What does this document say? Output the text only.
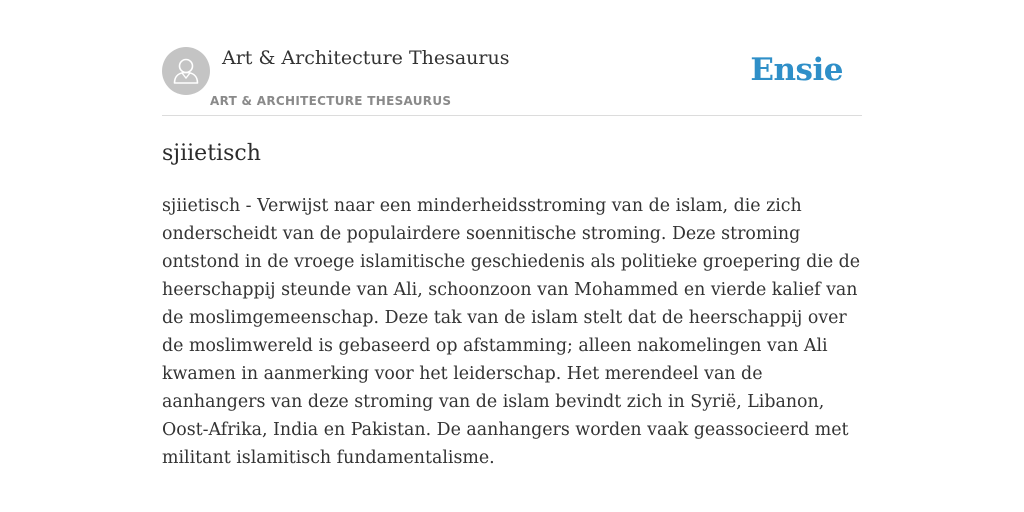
Art & Architecture Thesaurus
ART & ARCHITECTURE THESAURUS
Ensie
sjiietisch

sjiietisch - Verwijst naar een minderheidsstroming van de islam, die zich onderscheidt van de populairdere soennitische stroming. Deze stroming ontstond in de vroege islamitische geschiedenis als politieke groepering die de heerschappij steunde van Ali, schoonzoon van Mohammed en vierde kalief van de moslimgemeenschap. Deze tak van de islam stelt dat de heerschappij over de moslimwereld is gebaseerd op afstamming; alleen nakomelingen van Ali kwamen in aanmerking voor het leiderschap. Het merendeel van de aanhangers van deze stroming van de islam bevindt zich in Syrië, Libanon, Oost-Afrika, India en Pakistan. De aanhangers worden vaak geassocieerd met militant islamitisch fundamentalisme.
